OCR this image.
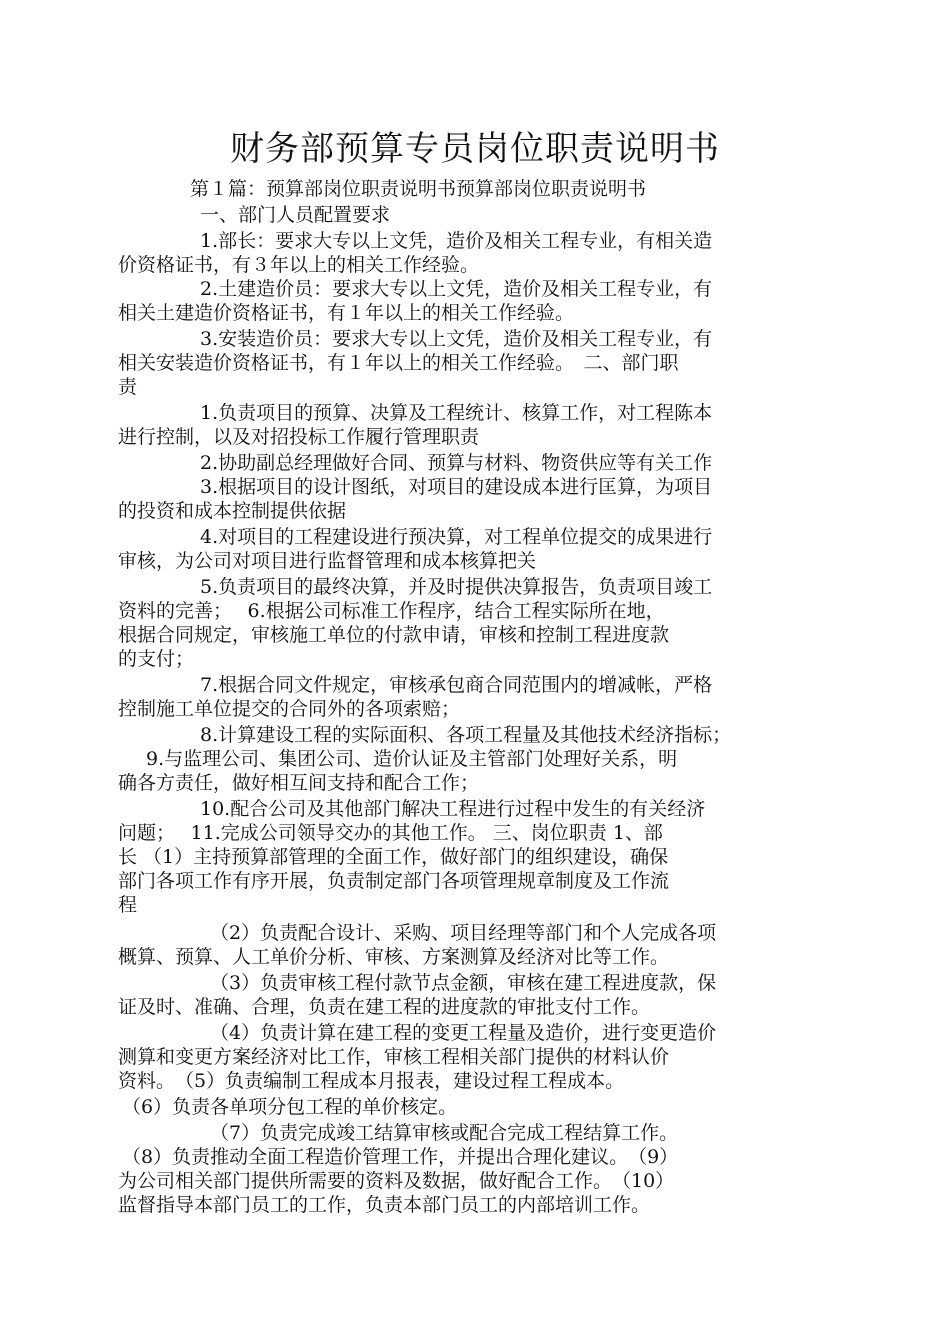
财务部预算专员岗位职责说明书
第１篇：预算部岗位职责说明书预算部岗位职责说明书
一、部门人员配置要求
1.部长：要求大专以上文凭，造价及相关工程专业，有相关造
价资格证书，有３年以上的相关工作经验。
2.土建造价员：要求大专以上文凭，造价及相关工程专业，有
相关土建造价资格证书，有１年以上的相关工作经验。
3.安装造价员：要求大专以上文凭，造价及相关工程专业，有
相关安装造价资格证书，有１年以上的相关工作经验。　二、部门职
责
1.负责项目的预算、决算及工程统计、核算工作，对工程陈本
进行控制，以及对招投标工作履行管理职责
2.协助副总经理做好合同、预算与材料、物资供应等有关工作
3.根据项目的设计图纸，对项目的建设成本进行匡算，为项目
的投资和成本控制提供依据
4.对项目的工程建设进行预决算，对工程单位提交的成果进行
审核，为公司对项目进行监督管理和成本核算把关
5.负责项目的最终决算，并及时提供决算报告，负责项目竣工
资料的完善；　 6.根据公司标准工作程序，结合工程实际所在地，
根据合同规定，审核施工单位的付款申请，审核和控制工程进度款
的支付；
7.根据合同文件规定，审核承包商合同范围内的增减帐，严格
控制施工单位提交的合同外的各项索赔；
8.计算建设工程的实际面积、各项工程量及其他技术经济指标；
9.与监理公司、集团公司、造价认证及主管部门处理好关系，明
确各方责任，做好相互间支持和配合工作；
10.配合公司及其他部门解决工程进行过程中发生的有关经济
问题；　 11.完成公司领导交办的其他工作。 三、岗位职责 1、部
长 （1）主持预算部管理的全面工作，做好部门的组织建设，确保
部门各项工作有序开展，负责制定部门各项管理规章制度及工作流
程
（2）负责配合设计、采购、项目经理等部门和个人完成各项
概算、预算、人工单价分析、审核、方案测算及经济对比等工作。
（3）负责审核工程付款节点金额，审核在建工程进度款，保
证及时、准确、合理，负责在建工程的进度款的审批支付工作。
（4）负责计算在建工程的变更工程量及造价，进行变更造价
测算和变更方案经济对比工作，审核工程相关部门提供的材料认价
资料。　（5）负责编制工程成本月报表，建设过程工程成本。
（6）负责各单项分包工程的单价核定。
（7）负责完成竣工结算审核或配合完成工程结算工作。
（8）负责推动全面工程造价管理工作，并提出合理化建议。　（9）
为公司相关部门提供所需要的资料及数据，做好配合工作。　（10）
监督指导本部门员工的工作，负责本部门员工的内部培训工作。
